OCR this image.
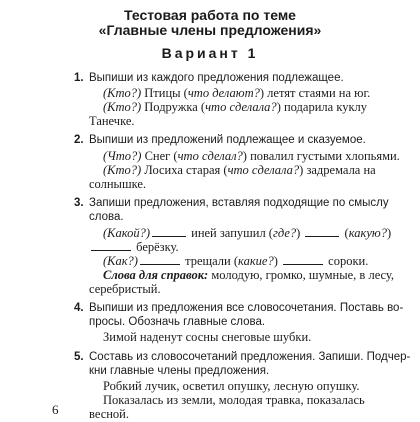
Тестовая работа по теме
«Главные члены предложения»
Вариант 1
1. Выпиши из каждого предложения подлежащее.
(Кто?) Птицы (что делают?) летят стаями на юг.
(Кто?) Подружка (что сделала?) подарила куклу
Танечке.
2. Выпиши из предложений подлежащее и сказуемое.
(Что?) Снег (что сделал?) повалил густыми хлопьями.
(Кто?) Лосиха старая (что сделала?) задремала на
солнышке.
3. Запиши предложения, вставляя подходящие по смыслу
слова.
(Какой?)	иней запушил (где?)	(какую?)
берёзку.
(Как?)	трещали (какие?)	сороки.
Слова для справок: молодую, громко, шумные, в лесу,
серебристый.
4. Выпиши из предложения все словосочетания. Поставь во-
просы. Обозначь главные слова.
Зимой наденут сосны снеговые шубки.
5. Составь из словосочетаний предложения. Запиши. Подчер-
кни главные члены предложения.
Робкий лучик, осветил опушку, лесную опушку.
Показалась из земли, молодая травка, показалась
весной.
6
